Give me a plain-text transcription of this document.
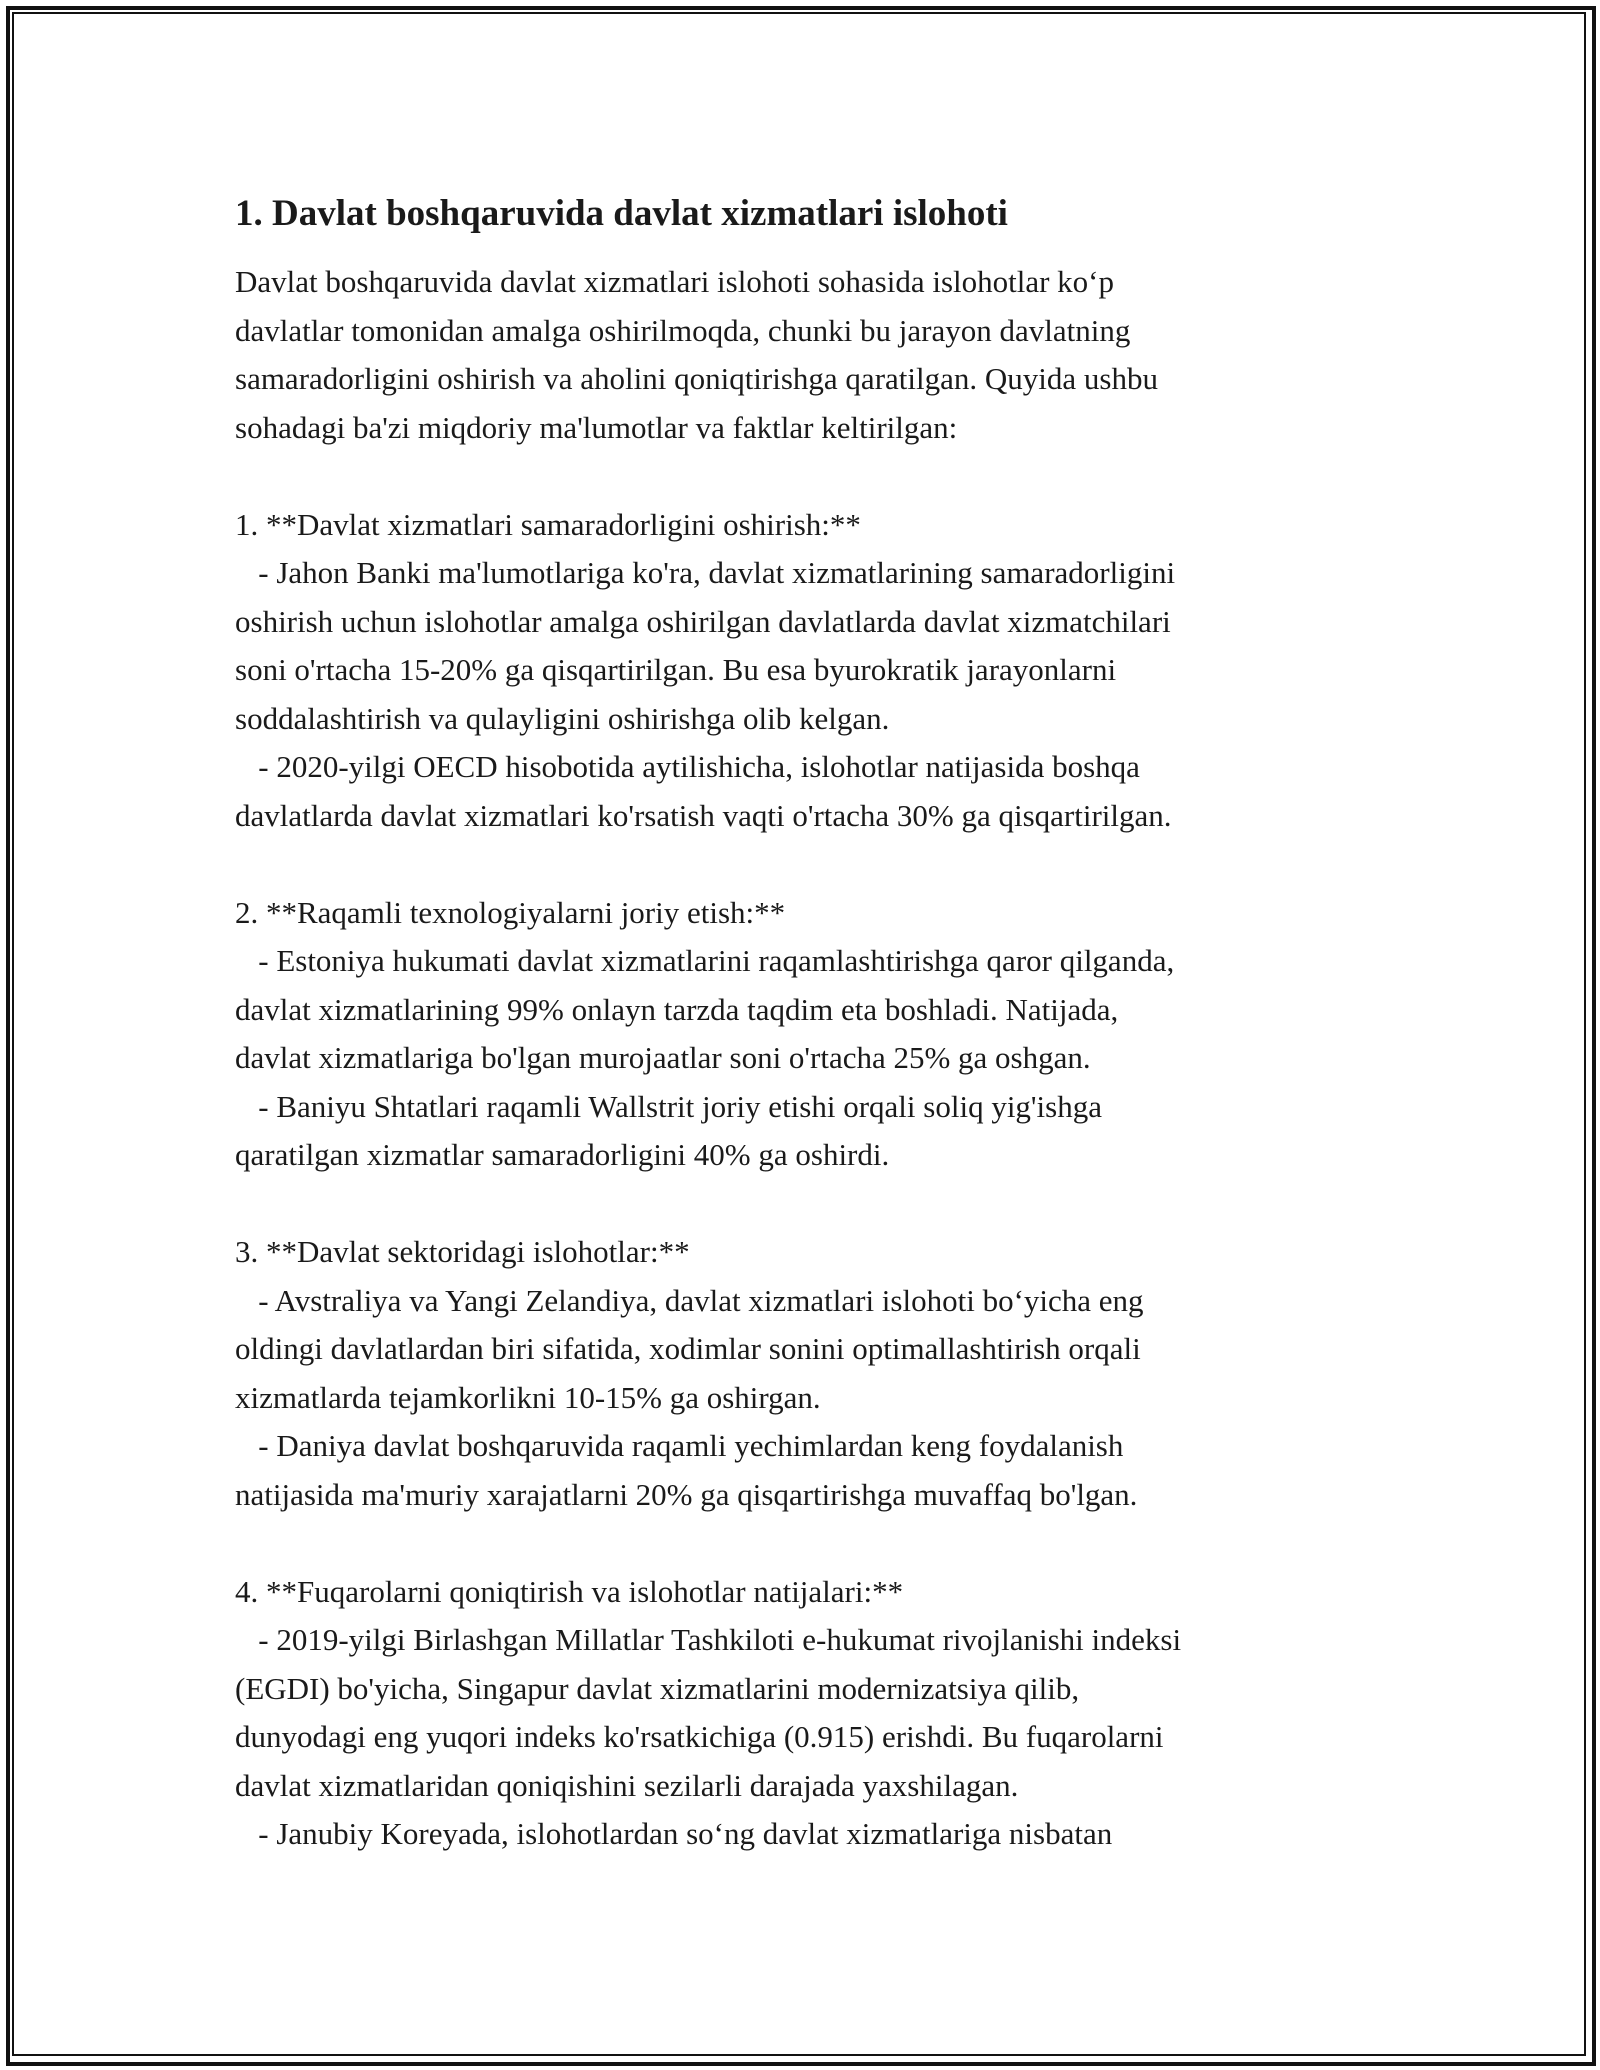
1. Davlat boshqaruvida davlat xizmatlari islohoti
Davlat boshqaruvida davlat xizmatlari islohoti sohasida islohotlar ko‘p
davlatlar tomonidan amalga oshirilmoqda, chunki bu jarayon davlatning
samaradorligini oshirish va aholini qoniqtirishga qaratilgan. Quyida ushbu
sohadagi ba'zi miqdoriy ma'lumotlar va faktlar keltirilgan:
1. **Davlat xizmatlari samaradorligini oshirish:**
- Jahon Banki ma'lumotlariga ko'ra, davlat xizmatlarining samaradorligini
oshirish uchun islohotlar amalga oshirilgan davlatlarda davlat xizmatchilari
soni o'rtacha 15-20% ga qisqartirilgan. Bu esa byurokratik jarayonlarni
soddalashtirish va qulayligini oshirishga olib kelgan.
- 2020-yilgi OECD hisobotida aytilishicha, islohotlar natijasida boshqa
davlatlarda davlat xizmatlari ko'rsatish vaqti o'rtacha 30% ga qisqartirilgan.
2. **Raqamli texnologiyalarni joriy etish:**
- Estoniya hukumati davlat xizmatlarini raqamlashtirishga qaror qilganda,
davlat xizmatlarining 99% onlayn tarzda taqdim eta boshladi. Natijada,
davlat xizmatlariga bo'lgan murojaatlar soni o'rtacha 25% ga oshgan.
- Baniyu Shtatlari raqamli Wallstrit joriy etishi orqali soliq yig'ishga
qaratilgan xizmatlar samaradorligini 40% ga oshirdi.
3. **Davlat sektoridagi islohotlar:**
- Avstraliya va Yangi Zelandiya, davlat xizmatlari islohoti bo‘yicha eng
oldingi davlatlardan biri sifatida, xodimlar sonini optimallashtirish orqali
xizmatlarda tejamkorlikni 10-15% ga oshirgan.
- Daniya davlat boshqaruvida raqamli yechimlardan keng foydalanish
natijasida ma'muriy xarajatlarni 20% ga qisqartirishga muvaffaq bo'lgan.
4. **Fuqarolarni qoniqtirish va islohotlar natijalari:**
- 2019-yilgi Birlashgan Millatlar Tashkiloti e-hukumat rivojlanishi indeksi
(EGDI) bo'yicha, Singapur davlat xizmatlarini modernizatsiya qilib,
dunyodagi eng yuqori indeks ko'rsatkichiga (0.915) erishdi. Bu fuqarolarni
davlat xizmatlaridan qoniqishini sezilarli darajada yaxshilagan.
- Janubiy Koreyada, islohotlardan so‘ng davlat xizmatlariga nisbatan
